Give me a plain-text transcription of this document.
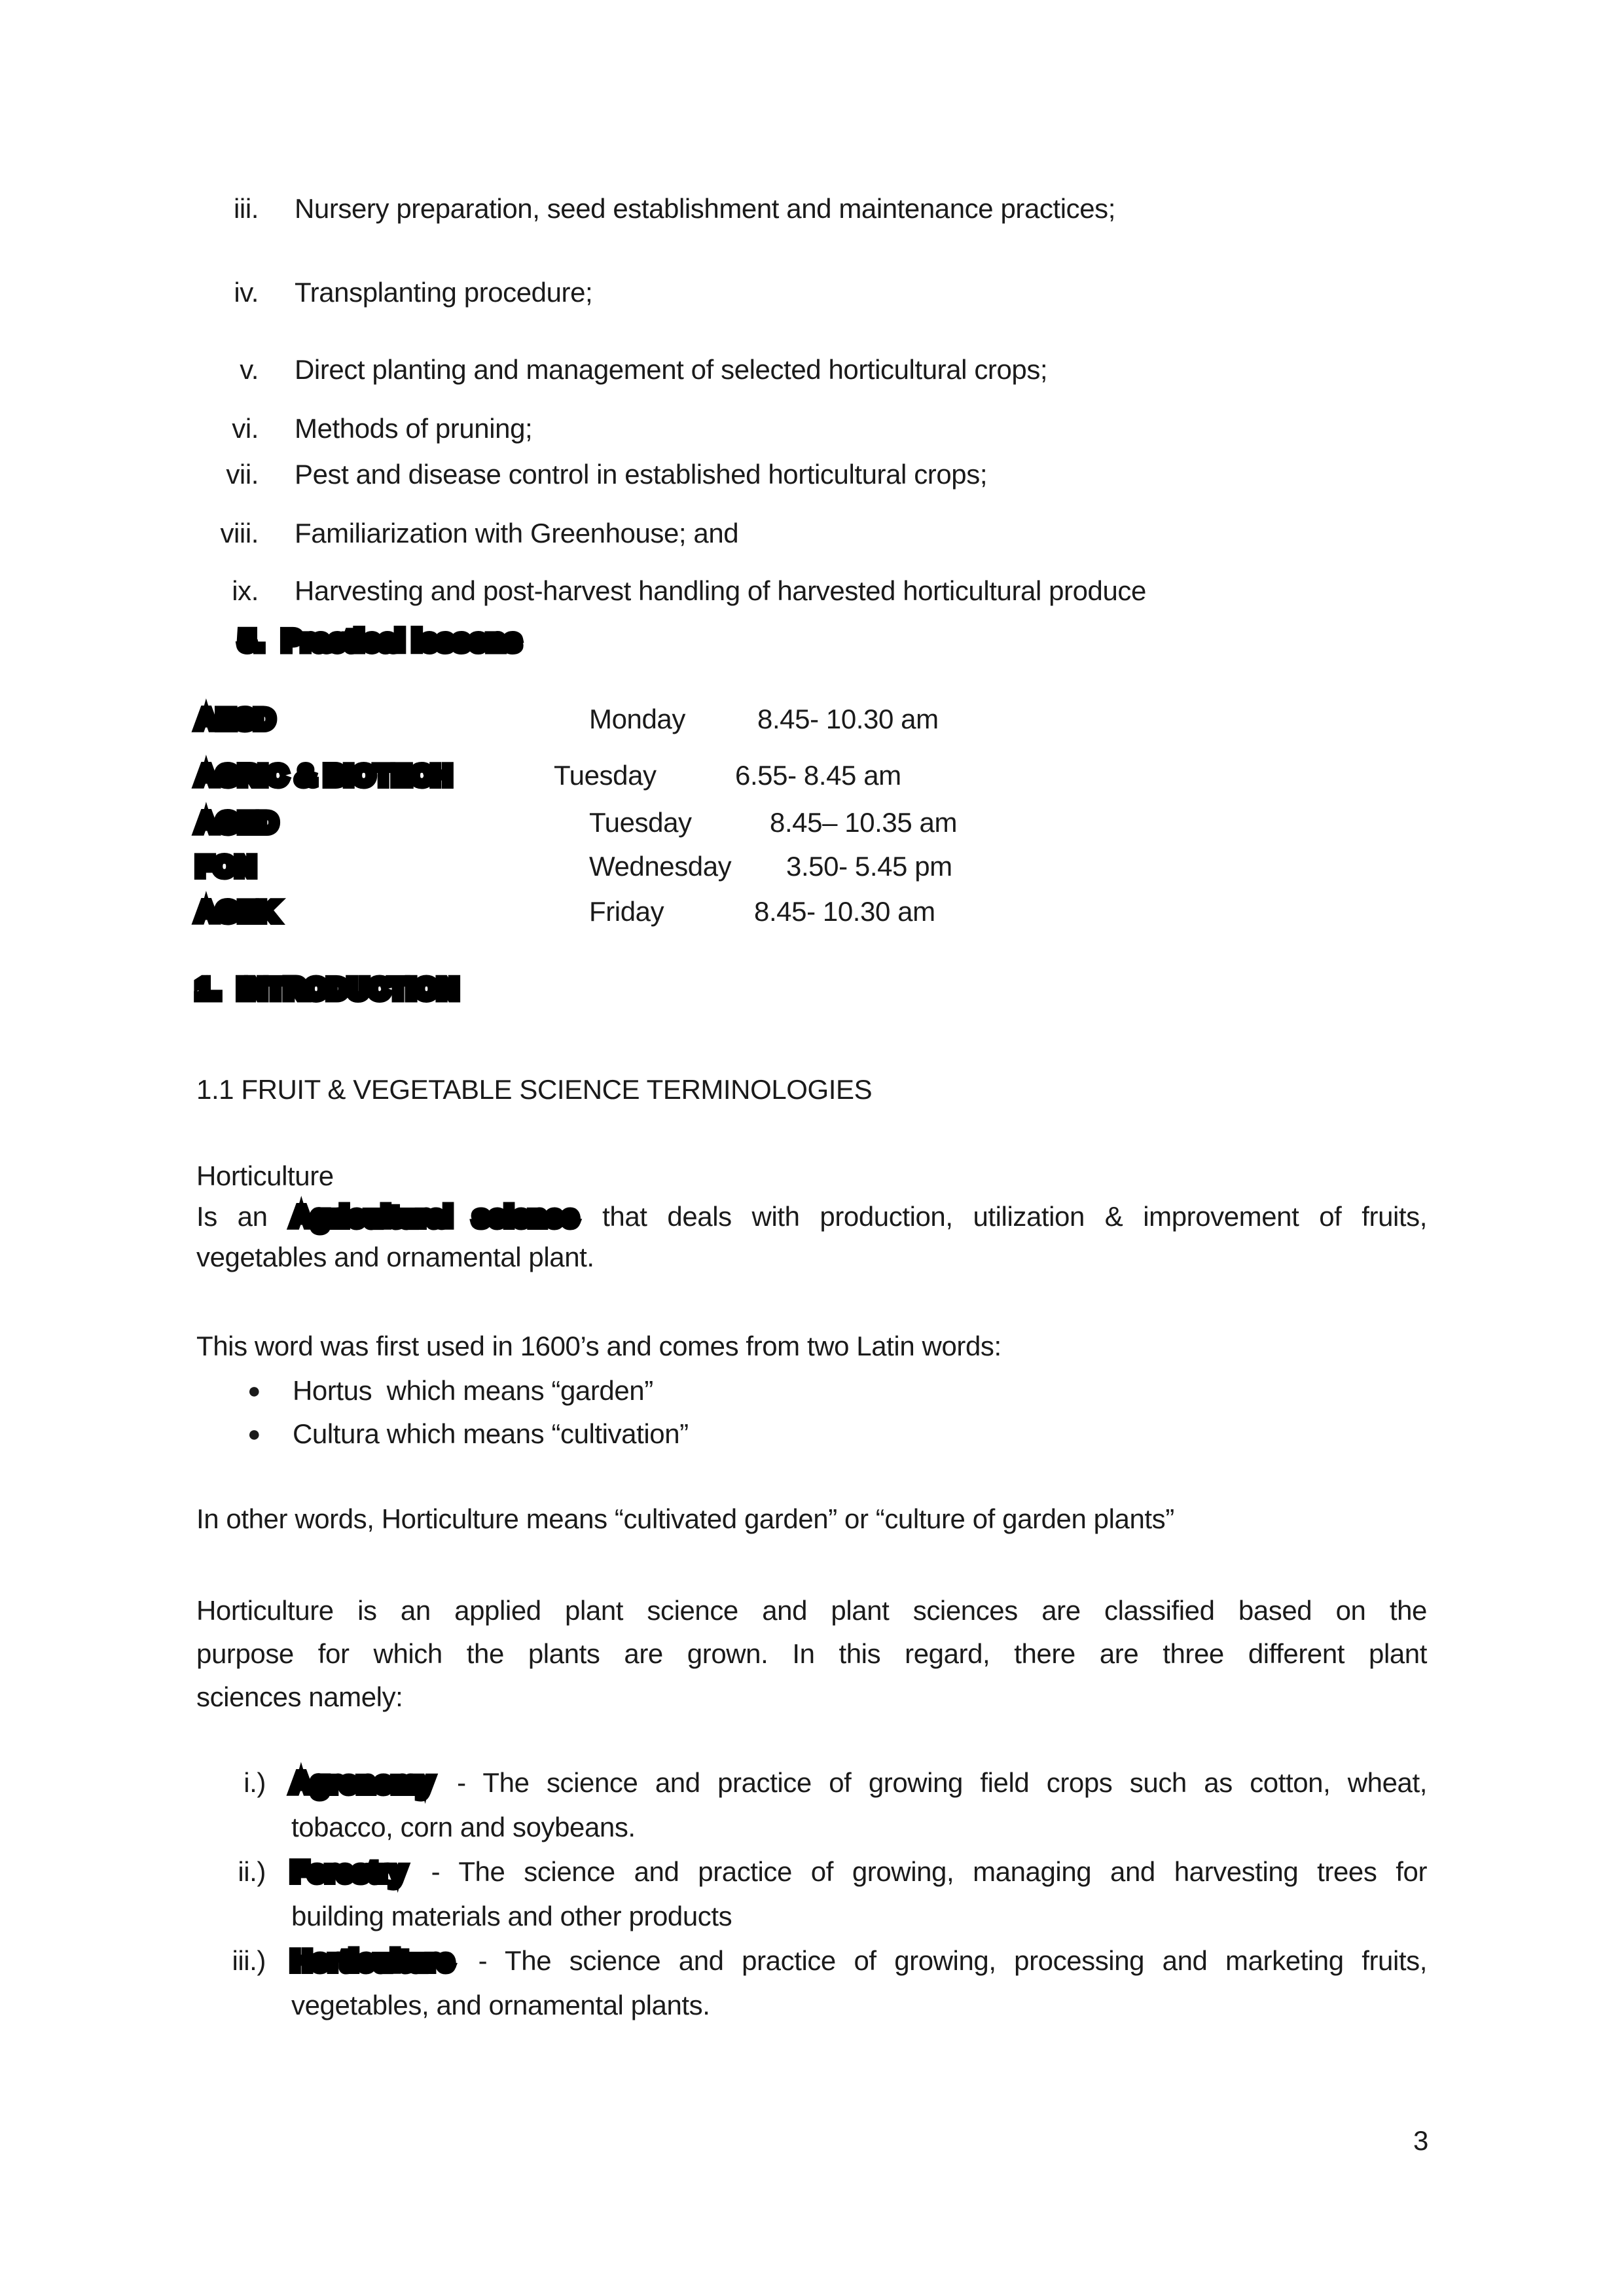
iii. Nursery preparation, seed establishment and maintenance practices;
iv. Transplanting procedure;
v. Direct planting and management of selected horticultural crops;
vi. Methods of pruning;
vii. Pest and disease control in established horticultural crops;
viii. Familiarization with Greenhouse; and
ix. Harvesting and post-harvest handling of harvested horticultural produce
5. Practical lessons
AESD	Monday	8.45- 10.30 am
AGRIC & BIOTECH	Tuesday	6.55- 8.45 am
AGED	Tuesday	8.45– 10.35 am
FON	Wednesday 3.50- 5.45 pm
AGEK	Friday	8.45- 10.30 am
1. INTRODUCTION
1.1 FRUIT & VEGETABLE SCIENCE TERMINOLOGIES
Horticulture
Is an Agricultural science that deals with production, utilization & improvement of fruits,
vegetables and ornamental plant.
This word was first used in 1600’s and comes from two Latin words:
● Hortus  which means “garden”
● Cultura which means “cultivation”
In other words, Horticulture means “cultivated garden” or “culture of garden plants”
Horticulture is an applied plant science and plant sciences are classified based on the
purpose for which the plants are grown. In this regard, there are three different plant
sciences namely:
i.) Agronomy - The science and practice of growing field crops such as cotton, wheat,
tobacco, corn and soybeans.
ii.) Forestry - The science and practice of growing, managing and harvesting trees for
building materials and other products
iii.) Horticulture - The science and practice of growing, processing and marketing fruits,
vegetables, and ornamental plants.
3
